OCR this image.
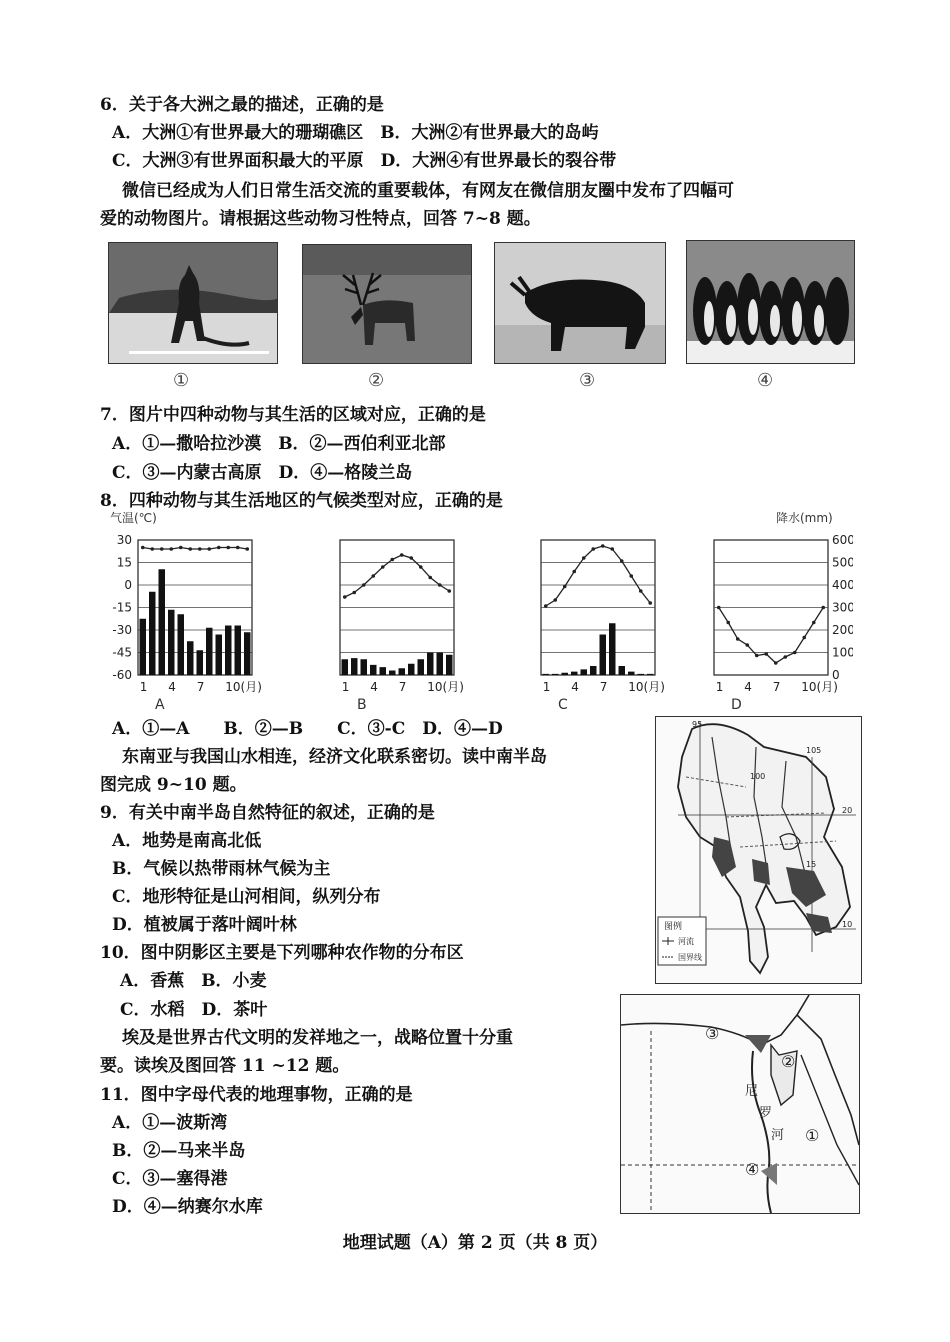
6．关于各大洲之最的描述，正确的是
A．大洲①有世界最大的珊瑚礁区　B．大洲②有世界最大的岛屿
C．大洲③有世界面积最大的平原　D．大洲④有世界最长的裂谷带
微信已经成为人们日常生活交流的重要载体，有网友在微信朋友圈中发布了四幅可
爱的动物图片。请根据这些动物习性特点，回答 7~8 题。
①	②	③	④
7．图片中四种动物与其生活的区域对应，正确的是
A．①—撒哈拉沙漠　B．②—西伯利亚北部
C．③—内蒙古高原　D．④—格陵兰岛
8．四种动物与其生活地区的气候类型对应，正确的是
气温(℃)	降水(mm)
30
15
0
-15
-30
-45
-60
600
500
400
300
200
100
0
1 4 7 10(月)
A
1 4 7 10(月)
B
1 4 7 10(月)
C
1 4 7 10(月)
D
A．①—A　　B．②—B　　C．③-C　D．④—D
东南亚与我国山水相连，经济文化联系密切。读中南半岛
图完成 9~10 题。
9．有关中南半岛自然特征的叙述，正确的是
A．地势是南高北低
B．气候以热带雨林气候为主
C．地形特征是山河相间，纵列分布
D．植被属于落叶阔叶林
10．图中阴影区主要是下列哪种农作物的分布区
A．香蕉　B．小麦
C．水稻　D．茶叶
95
105
100
20
10
15
图例
河流
国界线
埃及是世界古代文明的发祥地之一，战略位置十分重
要。读埃及图回答 11 ~12 题。
11．图中字母代表的地理事物，正确的是
A．①—波斯湾
B．②—马来半岛
C．③—塞得港
D．④—纳赛尔水库
③
②
①
④
尼
罗
河
地理试题（A）第 2 页（共 8 页）
